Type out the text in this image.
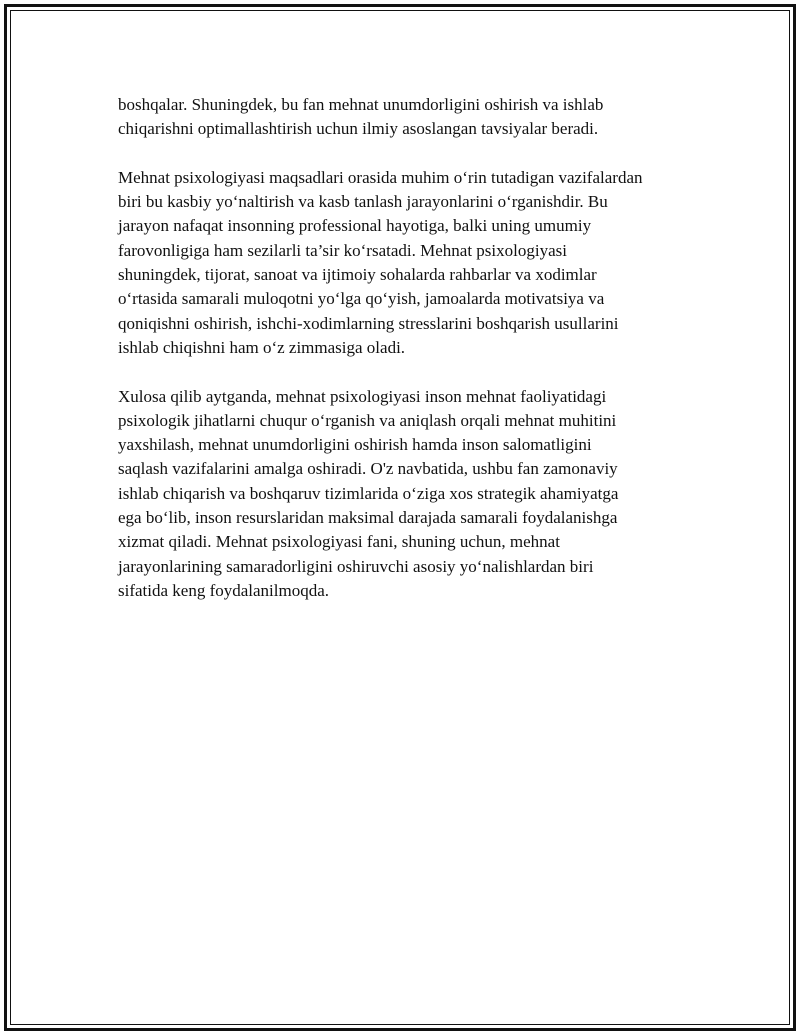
boshqalar. Shuningdek, bu fan mehnat unumdorligini oshirish va ishlab
chiqarishni optimallashtirish uchun ilmiy asoslangan tavsiyalar beradi.

Mehnat psixologiyasi maqsadlari orasida muhim o‘rin tutadigan vazifalardan
biri bu kasbiy yo‘naltirish va kasb tanlash jarayonlarini o‘rganishdir. Bu
jarayon nafaqat insonning professional hayotiga, balki uning umumiy
farovonligiga ham sezilarli ta’sir ko‘rsatadi. Mehnat psixologiyasi
shuningdek, tijorat, sanoat va ijtimoiy sohalarda rahbarlar va xodimlar
o‘rtasida samarali muloqotni yo‘lga qo‘yish, jamoalarda motivatsiya va
qoniqishni oshirish, ishchi-xodimlarning stresslarini boshqarish usullarini
ishlab chiqishni ham o‘z zimmasiga oladi.

Xulosa qilib aytganda, mehnat psixologiyasi inson mehnat faoliyatidagi
psixologik jihatlarni chuqur o‘rganish va aniqlash orqali mehnat muhitini
yaxshilash, mehnat unumdorligini oshirish hamda inson salomatligini
saqlash vazifalarini amalga oshiradi. O'z navbatida, ushbu fan zamonaviy
ishlab chiqarish va boshqaruv tizimlarida o‘ziga xos strategik ahamiyatga
ega bo‘lib, inson resurslaridan maksimal darajada samarali foydalanishga
xizmat qiladi. Mehnat psixologiyasi fani, shuning uchun, mehnat
jarayonlarining samaradorligini oshiruvchi asosiy yo‘nalishlardan biri
sifatida keng foydalanilmoqda.
